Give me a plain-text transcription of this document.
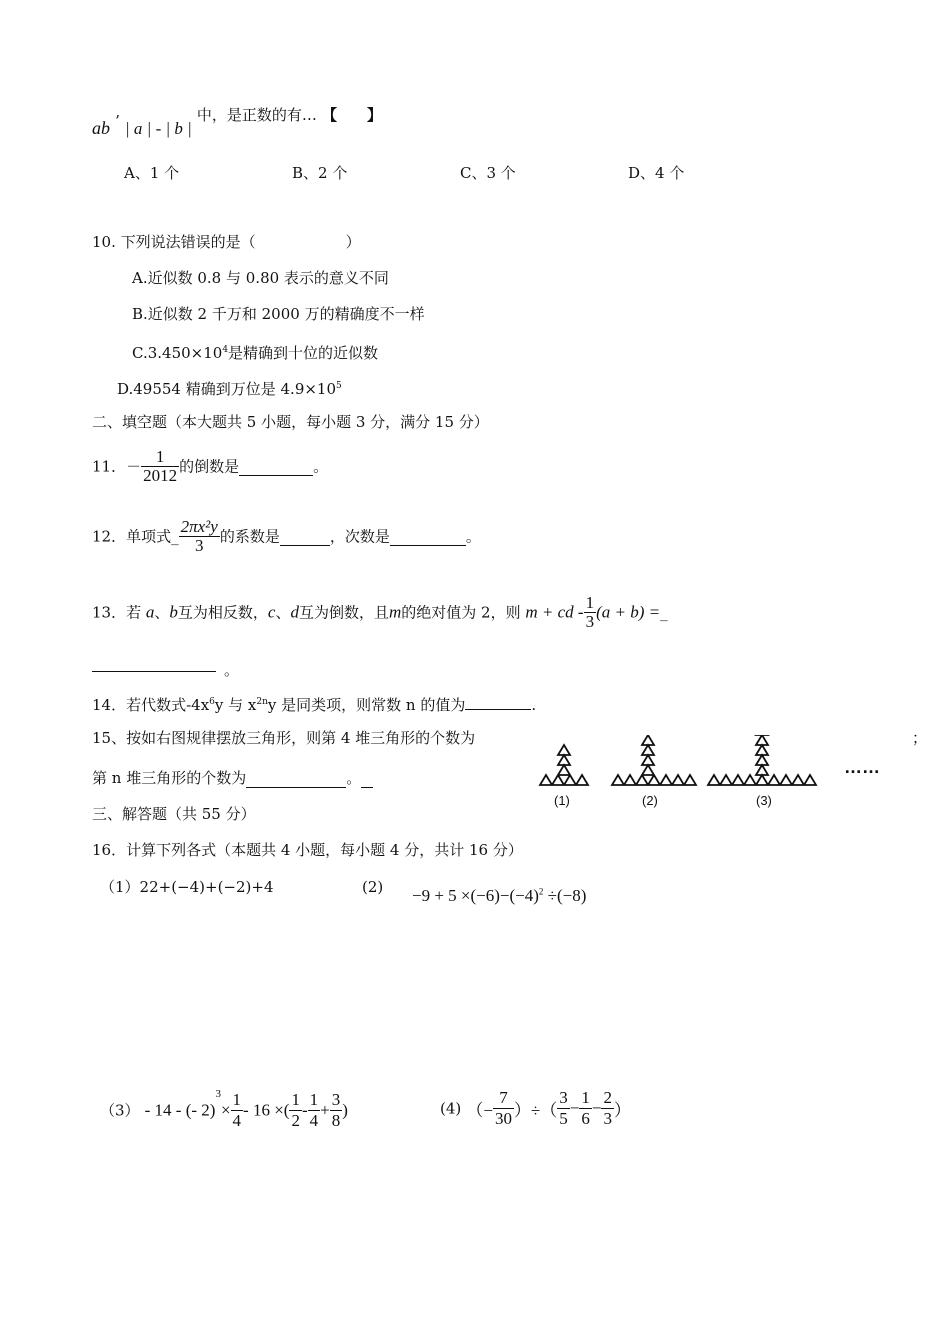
ab ’ | a | - | b | 中，是正数的有… 【　　】
A、1 个	B、2 个	C、3 个	D、4 个
10. 下列说法错误的是（　　　　　　）
A.近似数 0.8 与 0.80 表示的意义不同
B.近似数 2 千万和 2000 万的精确度不一样
$C.3.450\times 10^4$是精确到十位的近似数
D.49554 精确到万位是 $4.9\times 10^5$
二、填空题（本大题共 5 小题，每小题 3 分，满分 15 分）
11．－ $\frac{1}{2012}$ 的倒数是	。
12．单项式_ $\frac{\text{2πx²y}}{3}$ 的系数是	，次数是	。
13．若 a、b互为相反数，c、d互为倒数，且m的绝对值为 2，则 m + cd - $\frac{1}{3} (a + b)$ =_
。
14．若代数式$-4x^6y$ 与 $x^{2n}y$ 是同类项，则常数 n 的值为	.
15、按如右图规律摆放三角形，则第 4 堆三角形的个数为	；
第 n 堆三角形的个数为	。
(1)	(2)	(3)
……
三、解答题（共 55 分）
16．计算下列各式（本题共 4 小题，每小题 4 分，共计 16 分）
（1）22+(−4)+(−2)+4	$(2) -9 + 5 \times(-6)-(-4)^2 \div(-8)$
（3） - 14 - (- $2)^3\times \frac{1}{4} - 16$ ×( $\frac{1}{2} - \frac{1}{4} + \frac{3}{8}$ )	(4) （− $\frac{7}{30}$ ）÷（ $\frac{3}{5} - \frac{1}{6} - \frac{2}{3}$ ）
